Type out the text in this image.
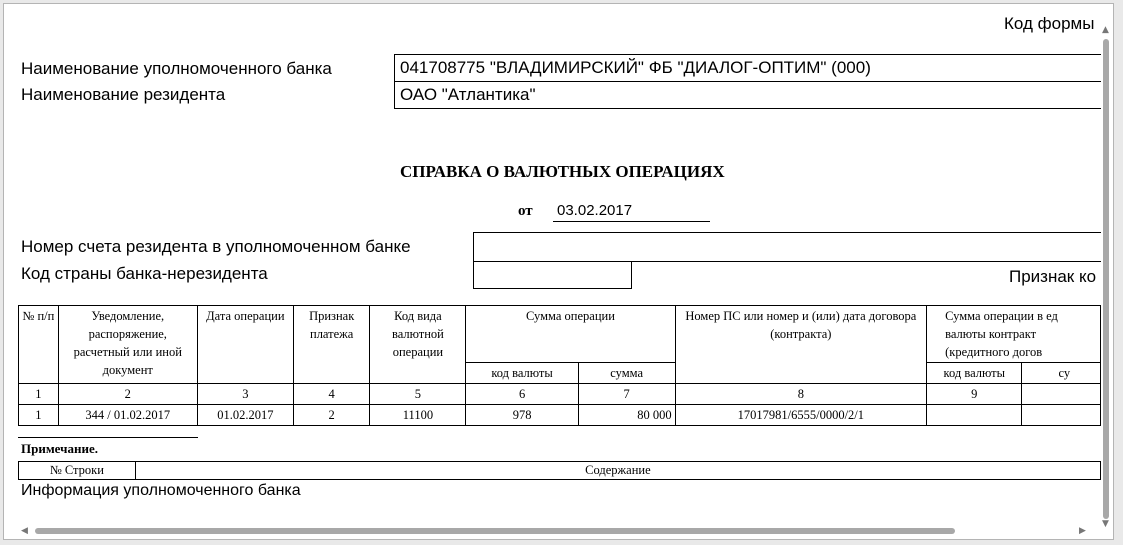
Код формы
Наименование уполномоченного банка	041708775 "ВЛАДИМИРСКИЙ" ФБ "ДИАЛОГ-ОПТИМ" (000)
Наименование резидента	ОАО "Атлантика"
СПРАВКА О ВАЛЮТНЫХ ОПЕРАЦИЯХ
от 03.02.2017
Номер счета резидента в уполномоченном банке
Код страны банка-нерезидента	Признак ко
№ п/п	Уведомление, распоряжение, расчетный или иной документ	Дата операции	Признак платежа	Код вида валютной операции	Сумма операции		Номер ПС или номер и (или) дата договора (контракта)	Сумма операции в ед валюты контракт (кредитного догов	
					код валюты	сумма		код валюты	су
1	2	3	4	5	6	7	8	9	
1	344 / 01.02.2017	01.02.2017	2	11100	978	80 000	17017981/6555/0000/2/1		
Примечание.
№ Строки	Содержание
Информация уполномоченного банка
▲
▼
◀	▶
